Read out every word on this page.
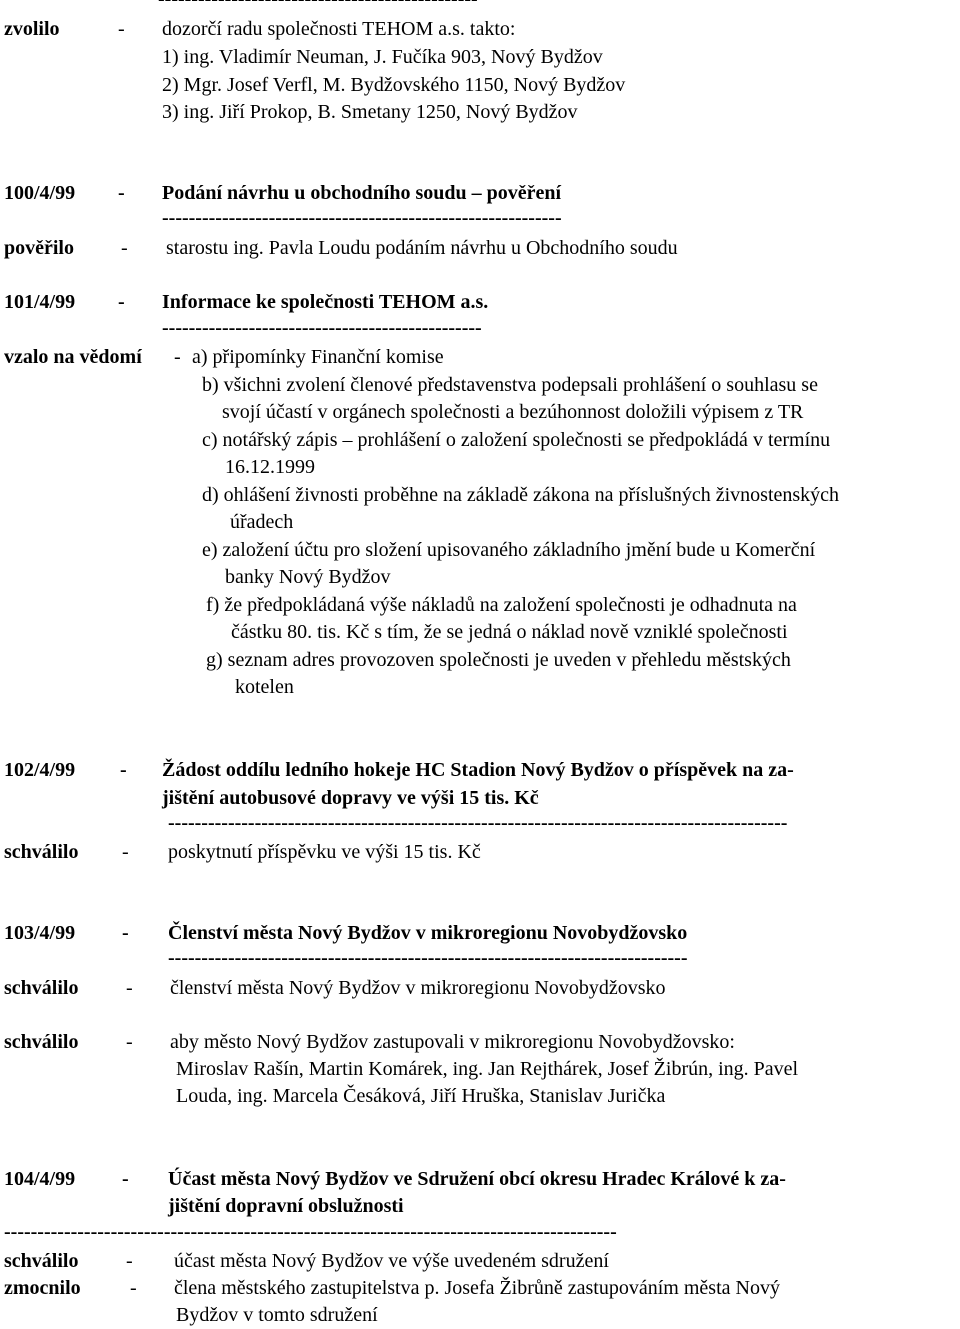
zvolilo	- dozorčí radu společnosti TEHOM a.s. takto:
1) ing. Vladimír Neuman, J. Fučíka 903, Nový Bydžov
2) Mgr. Josef Verfl, M. Bydžovského 1150, Nový Bydžov
3) ing. Jiří Prokop, B. Smetany 1250, Nový Bydžov
100/4/99 - Podání návrhu u obchodního soudu – pověření
------------------------------------------------------------
pověřilo - starostu ing. Pavla Loudu podáním návrhu u Obchodního soudu
101/4/99 - Informace ke společnosti TEHOM a.s.
------------------------------------------------
vzalo na vědomí - a) připomínky Finanční komise
b) všichni zvolení členové představenstva podepsali prohlášení o souhlasu se
svojí účastí v orgánech společnosti a bezúhonnost doložili výpisem z TR
c) notářský zápis – prohlášení o založení společnosti se předpokládá v termínu
16.12.1999
d) ohlášení živnosti proběhne na základě zákona na příslušných živnostenských
úřadech
e) založení účtu pro složení upisovaného základního jmění bude u Komerční
banky Nový Bydžov
f) že předpokládaná výše nákladů na založení společnosti je odhadnuta na
částku 80. tis. Kč s tím, že se jedná o náklad nově vzniklé společnosti
g) seznam adres provozoven společnosti je uveden v přehledu městských
kotelen
102/4/99 - Žádost oddílu ledního hokeje HC Stadion Nový Bydžov o příspěvek na za-
jištění autobusové dopravy ve výši 15 tis. Kč
---------------------------------------------------------------------------------------------
schválilo - poskytnutí příspěvku ve výši 15 tis. Kč
103/4/99 - Členství města Nový Bydžov v mikroregionu Novobydžovsko
------------------------------------------------------------------------------
schválilo - členství města Nový Bydžov v mikroregionu Novobydžovsko
schválilo - aby město Nový Bydžov zastupovali v mikroregionu Novobydžovsko:
Miroslav Rašín, Martin Komárek, ing. Jan Rejthárek, Josef Žibrún, ing. Pavel
Louda, ing. Marcela Česáková, Jiří Hruška, Stanislav Jurička
104/4/99 - Účast města Nový Bydžov ve Sdružení obcí okresu Hradec Králové k za-
jištění dopravní obslužnosti
--------------------------------------------------------------------------------------------
schválilo - účast města Nový Bydžov ve výše uvedeném sdružení
zmocnilo - člena městského zastupitelstva p. Josefa Žibrůně zastupováním města Nový
Bydžov v tomto sdružení
